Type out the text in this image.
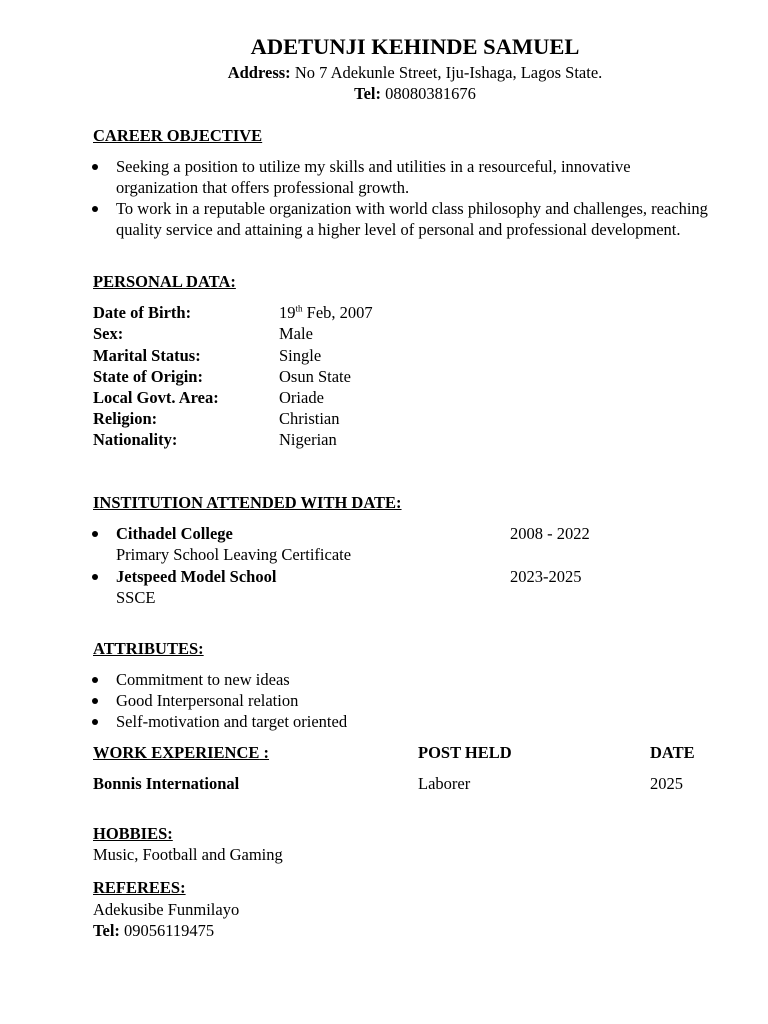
ADETUNJI KEHINDE SAMUEL
Address: No 7 Adekunle Street, Iju-Ishaga, Lagos State.
Tel: 08080381676
CAREER OBJECTIVE
Seeking a position to utilize my skills and utilities in a resourceful, innovative organization that offers professional growth.
To work in a reputable organization with world class philosophy and challenges, reaching quality service and attaining a higher level of personal and professional development.
PERSONAL DATA:
Date of Birth:	19th Feb, 2007
Sex:	Male
Marital Status:	Single
State of Origin:	Osun State
Local Govt. Area:	Oriade
Religion:	Christian
Nationality:	Nigerian
INSTITUTION ATTENDED WITH DATE:
Cithadel College	2008 - 2022
Primary School Leaving Certificate
Jetspeed Model School	2023-2025
SSCE
ATTRIBUTES:
Commitment to new ideas
Good Interpersonal relation
Self-motivation and target oriented
WORK EXPERIENCE :	POST HELD	DATE
Bonnis International	Laborer	2025
HOBBIES:
Music, Football and Gaming
REFEREES:
Adekusibe Funmilayo
Tel: 09056119475
